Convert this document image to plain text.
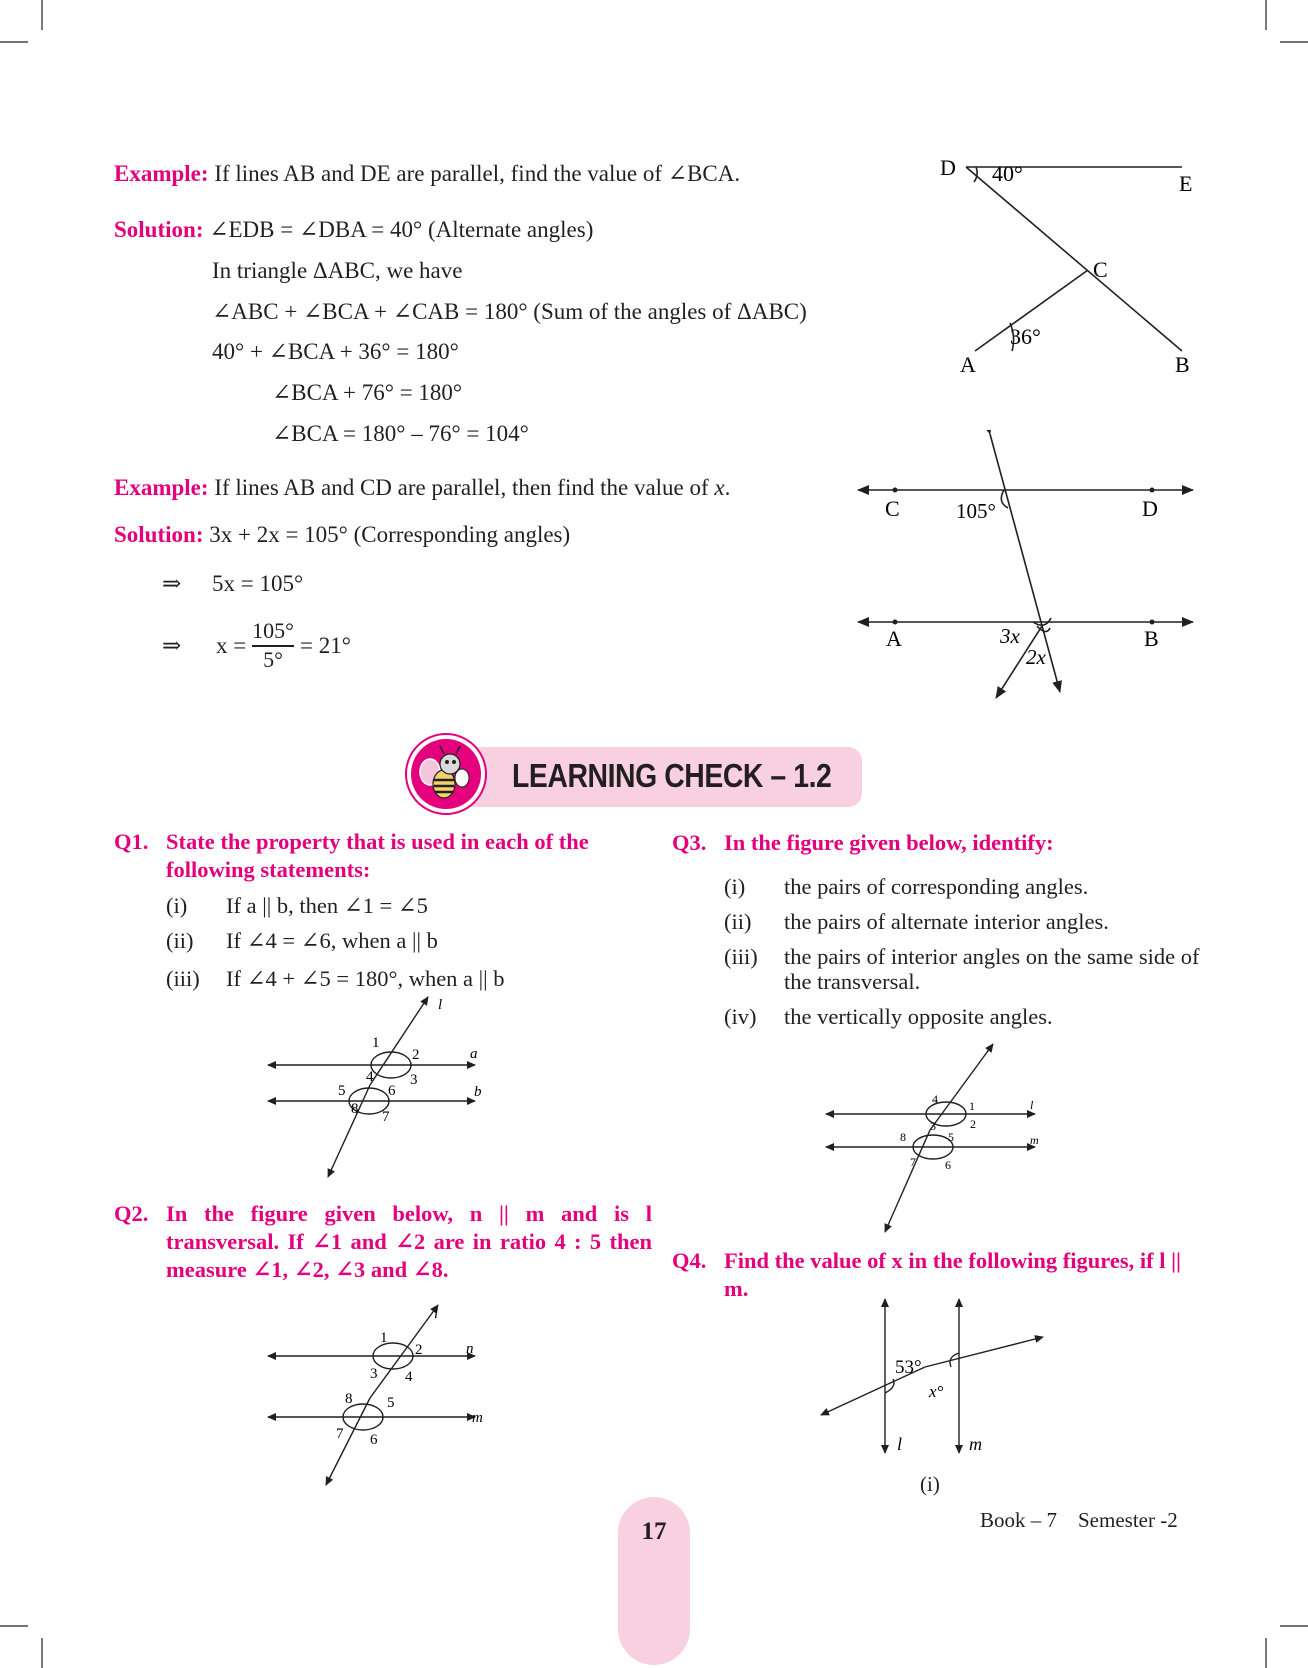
Example: If lines AB and DE are parallel, find the value of ∠BCA.
Solution: ∠EDB = ∠DBA = 40° (Alternate angles)
In triangle ΔABC, we have
∠ABC + ∠BCA + ∠CAB = 180° (Sum of the angles of ΔABC)
40° + ∠BCA + 36° = 180°
∠BCA + 76° = 180°
∠BCA = 180° – 76° = 104°
D 40°	E
C
36°
A	B
Example: If lines AB and CD are parallel, then find the value of x.
Solution: 3x + 2x = 105° (Corresponding angles)
⇒ 5x = 105°
⇒ x =
105°
5°
= 21°
C	105°	D
A	3x
2x
B
LEARNING CHECK – 1.2
Q1. State the property that is used in each of the following statements:
(i) If a || b, then ∠1 = ∠5
(ii) If ∠4 = ∠6, when a || b
(iii) If ∠4 + ∠5 = 180°, when a || b
1
2
3
4
5	6
7
8
l
a
b
Q2. In the figure given below, n || m and is l transversal. If ∠1 and ∠2 are in ratio 4 : 5 then measure ∠1, ∠2, ∠3 and ∠8.
1
2
3 4
5
6
7
8
l
n
m
Q3. In the figure given below, identify:
(i) the pairs of corresponding angles.
(ii) the pairs of alternate interior angles.
(iii) the pairs of interior angles on the same side of the transversal.
(iv) the vertically opposite angles.
4	1
2
3
8	5
7 6
l
m
Q4. Find the value of x in the following figures, if l || m.
53°
x°
l	m
(i)
17	Book – 7    Semester -2
